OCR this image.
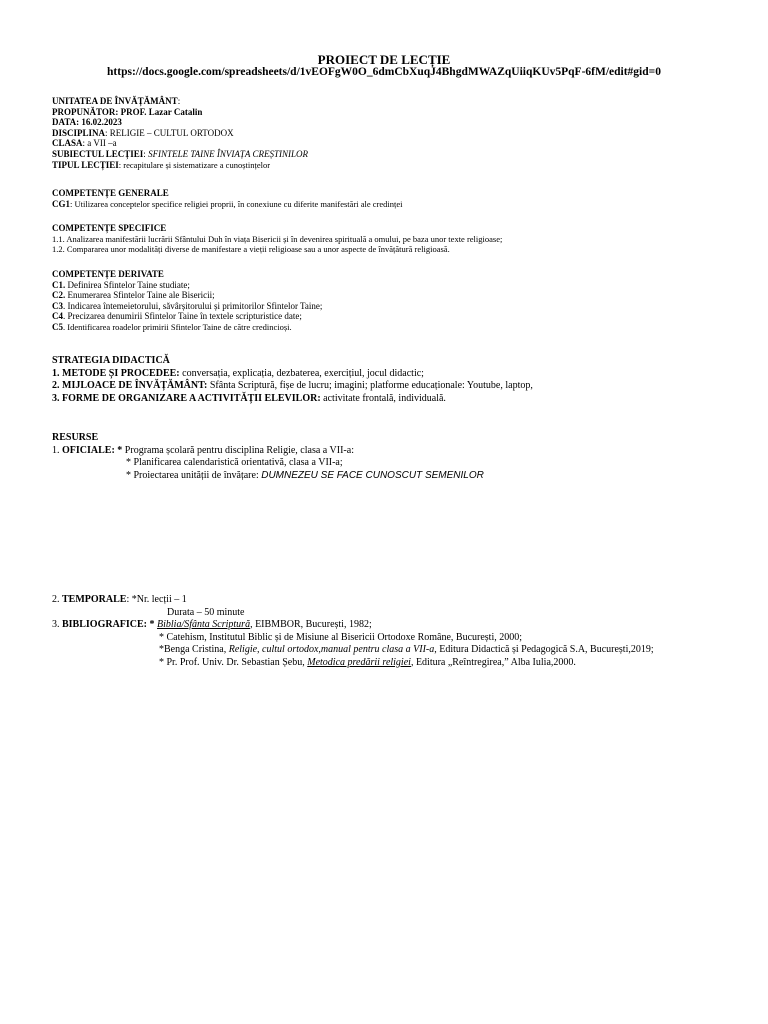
PROIECT DE LECȚIE
https://docs.google.com/spreadsheets/d/1vEOFgW0O_6dmCbXuqJ4BhgdMWAZqUiiqKUv5PqF-6fM/edit#gid=0
UNITATEA DE ÎNVĂȚĂMÂNT:
PROPUNĂTOR: PROF. Lazar Catalin
DATA: 16.02.2023
DISCIPLINA: RELIGIE – CULTUL ORTODOX
CLASA: a VII –a
SUBIECTUL LECȚIEI: SFINTELE TAINE ÎNVIAȚA CREȘTINILOR
TIPUL LECȚIEI: recapitulare și sistematizare a cunoștințelor
COMPETENȚE GENERALE
CG1: Utilizarea conceptelor specifice religiei proprii, în conexiune cu diferite manifestări ale credinței
COMPETENȚE SPECIFICE
1.1. Analizarea manifestării lucrării Sfântului Duh în viața Bisericii și în devenirea spirituală a omului, pe baza unor texte religioase;
1.2. Compararea unor modalități diverse de manifestare a vieții religioase sau a unor aspecte de învățătură religioasă.
COMPETENȚE DERIVATE
C1. Definirea Sfintelor Taine studiate;
C2. Enumerarea Sfintelor Taine ale Bisericii;
C3. Indicarea întemeietorului, săvârșitorului și primitorilor Sfintelor Taine;
C4. Precizarea denumirii Sfintelor Taine în textele scripturistice date;
C5. Identificarea roadelor primirii Sfintelor Taine de către credincioși.
STRATEGIA DIDACTICĂ
1. METODE ȘI PROCEDEE: conversația, explicația, dezbaterea, exercițiul, jocul didactic;
2. MIJLOACE DE ÎNVĂȚĂMÂNT: Sfânta Scriptură, fișe de lucru; imagini; platforme educaționale: Youtube, laptop,
3. FORME DE ORGANIZARE A ACTIVITĂȚII ELEVILOR: activitate frontală, individuală.
RESURSE
1. OFICIALE: * Programa școlară pentru disciplina Religie, clasa a VII-a:
* Planificarea calendaristică orientativă, clasa a VII-a;
* Proiectarea unității de învățare: DUMNEZEU SE FACE CUNOSCUT SEMENILOR
2. TEMPORALE: *Nr. lecții – 1
Durata – 50 minute
3. BIBLIOGRAFICE: * Biblia/Sfânta Scriptură, EIBMBOR, București, 1982;
* Catehism, Institutul Biblic și de Misiune al Bisericii Ortodoxe Române, București, 2000;
*Benga Cristina, Religie, cultul ortodox,manual pentru clasa a VII-a, Editura Didactică și Pedagogică S.A, București,2019;
* Pr. Prof. Univ. Dr. Sebastian Șebu, Metodica predării religiei, Editura „Reîntregirea,” Alba Iulia,2000.
